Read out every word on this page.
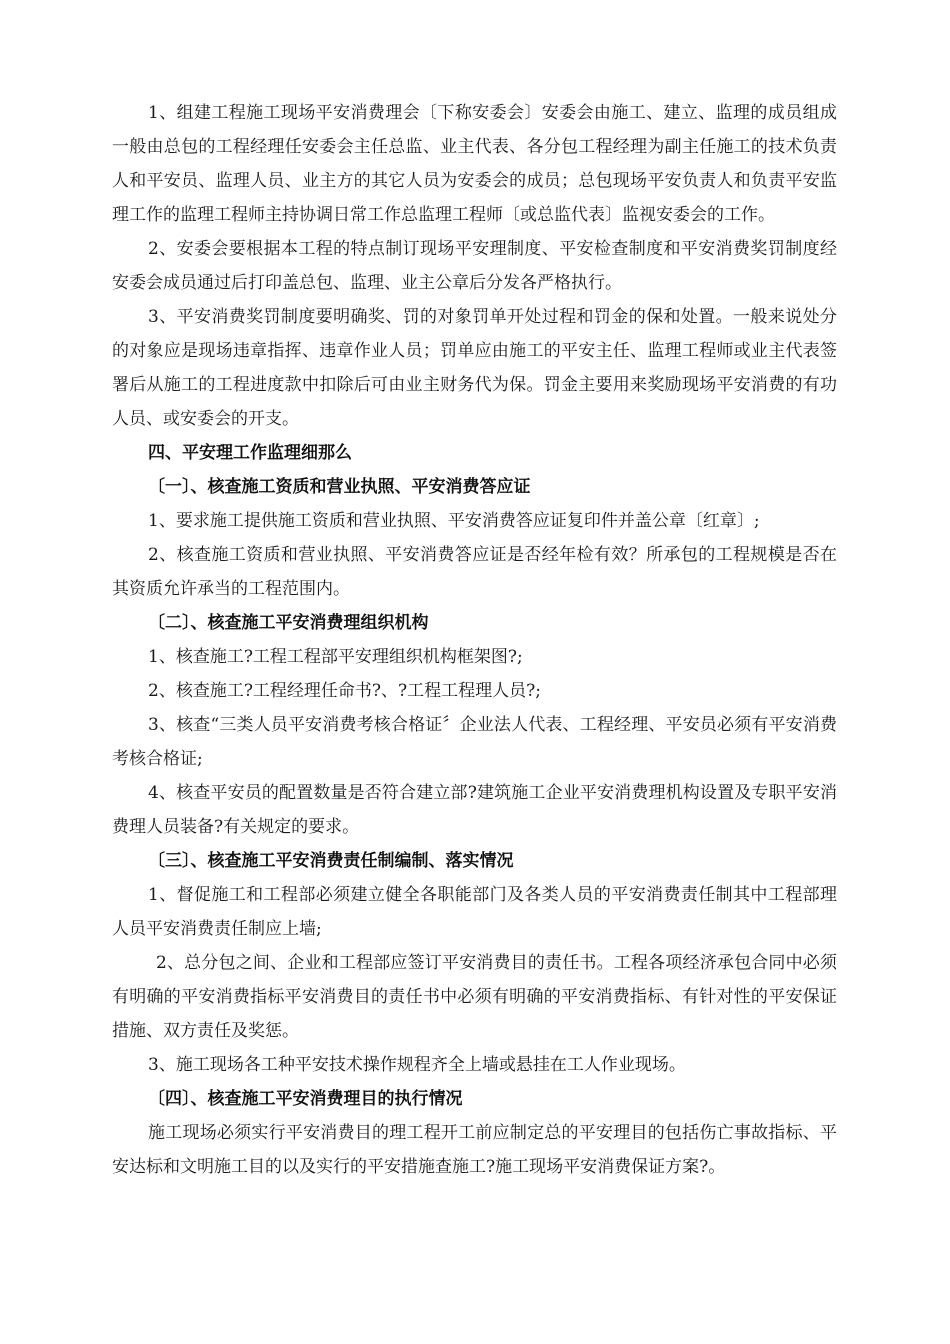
1、组建工程施工现场平安消费理会〔下称安委会〕安委会由施工、建立、监理的成员组成一般由总包的工程经理任安委会主任总监、业主代表、各分包工程经理为副主任施工的技术负责人和平安员、监理人员、业主方的其它人员为安委会的成员；总包现场平安负责人和负责平安监理工作的监理工程师主持协调日常工作总监理工程师〔或总监代表〕监视安委会的工作。

2、安委会要根据本工程的特点制订现场平安理制度、平安检查制度和平安消费奖罚制度经安委会成员通过后打印盖总包、监理、业主公章后分发各严格执行。

3、平安消费奖罚制度要明确奖、罚的对象罚单开处过程和罚金的保和处置。一般来说处分的对象应是现场违章指挥、违章作业人员；罚单应由施工的平安主任、监理工程师或业主代表签署后从施工的工程进度款中扣除后可由业主财务代为保。罚金主要用来奖励现场平安消费的有功人员、或安委会的开支。

四、平安理工作监理细那么

〔一〕、核查施工资质和营业执照、平安消费答应证

1、要求施工提供施工资质和营业执照、平安消费答应证复印件并盖公章〔红章〕;

2、核查施工资质和营业执照、平安消费答应证是否经年检有效？所承包的工程规模是否在其资质允许承当的工程范围内。

〔二〕、核查施工平安消费理组织机构

1、核查施工?工程工程部平安理组织机构框架图?;

2、核查施工?工程经理任命书?、?工程工程理人员?;

3、核查“三类人员平安消费考核合格证〞企业法人代表、工程经理、平安员必须有平安消费考核合格证;

4、核查平安员的配置数量是否符合建立部?建筑施工企业平安消费理机构设置及专职平安消费理人员装备?有关规定的要求。

〔三〕、核查施工平安消费责任制编制、落实情况

1、督促施工和工程部必须建立健全各职能部门及各类人员的平安消费责任制其中工程部理人员平安消费责任制应上墙;

2、总分包之间、企业和工程部应签订平安消费目的责任书。工程各项经济承包合同中必须有明确的平安消费指标平安消费目的责任书中必须有明确的平安消费指标、有针对性的平安保证措施、双方责任及奖惩。

3、施工现场各工种平安技术操作规程齐全上墙或悬挂在工人作业现场。

〔四〕、核查施工平安消费理目的执行情况

施工现场必须实行平安消费目的理工程开工前应制定总的平安理目的包括伤亡事故指标、平安达标和文明施工目的以及实行的平安措施查施工?施工现场平安消费保证方案?。
